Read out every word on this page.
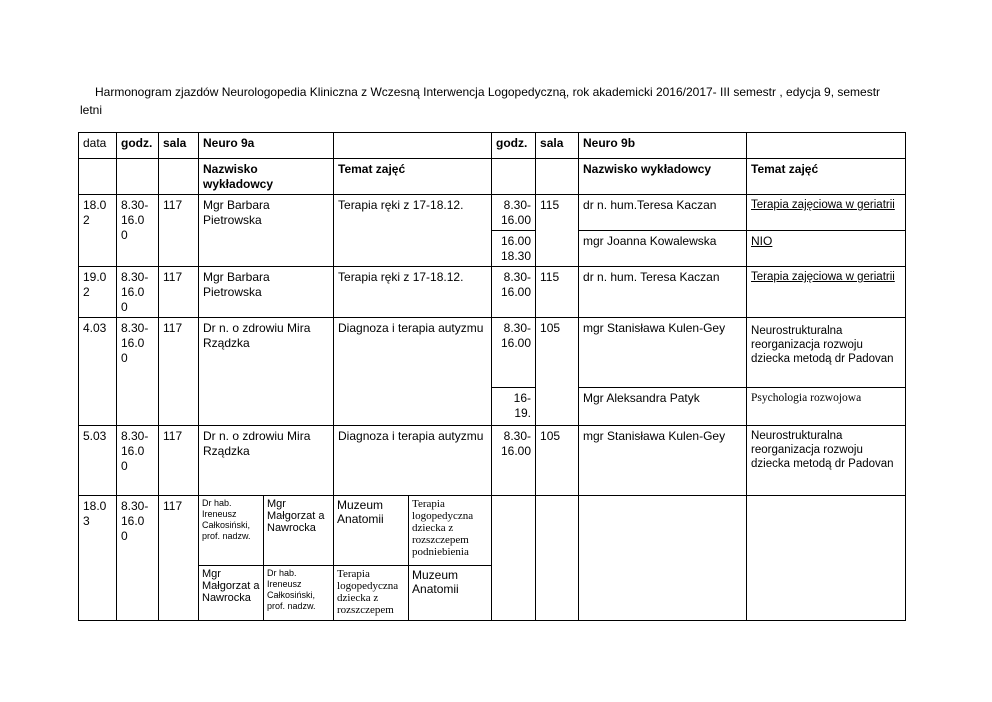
Harmonogram zjazdów Neurologopedia Kliniczna z Wczesną Interwencja Logopedyczną, rok akademicki 2016/2017- III semestr , edycja 9, semestr
letni
data	godz.	sala	Neuro 9a				godz.	sala	Neuro 9b	
			Nazwisko wykładowcy		Temat zajęć				Nazwisko wykładowcy	Temat zajęć
18.0 2	8.30- 16.0 0	117	Mgr Barbara Pietrowska		Terapia ręki z 17-18.12.		8.30- 16.00	115	dr n. hum.Teresa Kaczan	Terapia zajęciowa w geriatrii
							16.00 18.30		mgr Joanna Kowalewska	NIO
19.0 2	8.30- 16.0 0	117	Mgr Barbara Pietrowska		Terapia ręki z 17-18.12.		8.30- 16.00	115	dr n. hum. Teresa Kaczan	Terapia zajęciowa w geriatrii
4.03	8.30- 16.0 0	117	Dr n. o zdrowiu Mira Rządzka		Diagnoza i terapia autyzmu		8.30- 16.00	105	mgr Stanisława Kulen-Gey	Neurostrukturalna reorganizacja rozwoju dziecka metodą dr Padovan
							16- 19.		Mgr Aleksandra Patyk	Psychologia rozwojowa
5.03	8.30- 16.0 0	117	Dr n. o zdrowiu Mira Rządzka		Diagnoza i terapia autyzmu		8.30- 16.00	105	mgr Stanisława Kulen-Gey	Neurostrukturalna reorganizacja rozwoju dziecka metodą dr Padovan
18.0 3	8.30- 16.0 0	117	Dr hab. Ireneusz Całkosiński, prof. nadzw.	Mgr Małgorzat a Nawrocka	Muzeum Anatomii	Terapia logopedyczna dziecka z rozszczepem podniebienia				
			Mgr Małgorzat a Nawrocka	Dr hab. Ireneusz Całkosiński, prof. nadzw.	Terapia logopedyczna dziecka z rozszczepem	Muzeum Anatomii				
